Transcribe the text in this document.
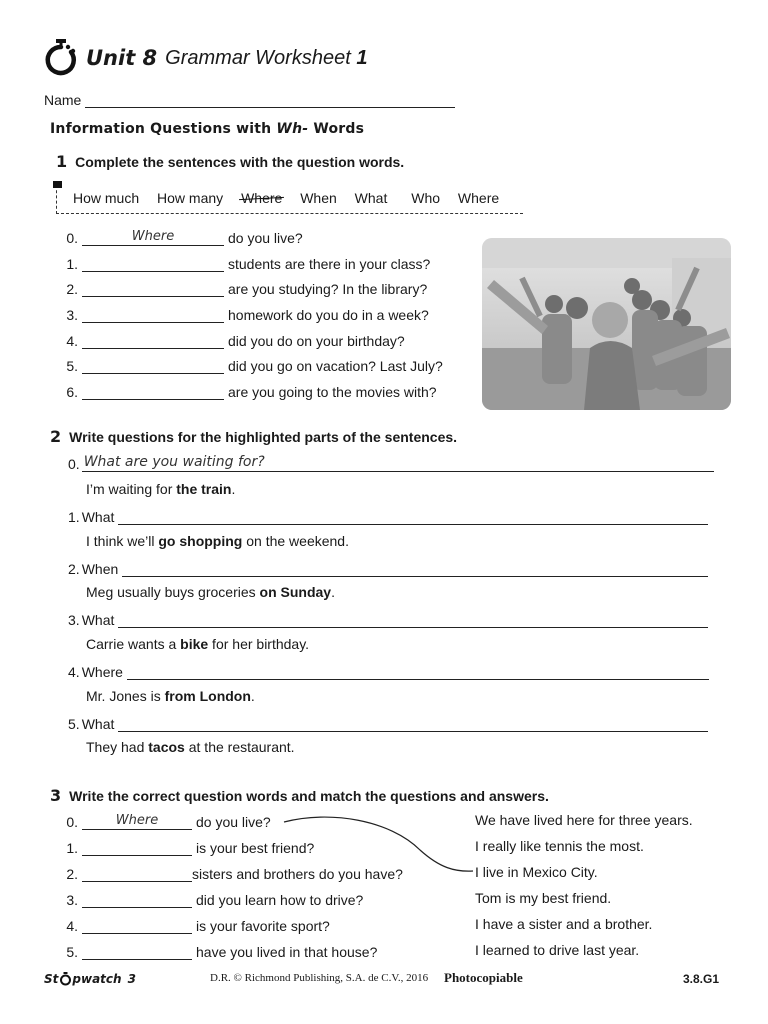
Unit 8 Grammar Worksheet 1
Name
Information Questions with Wh- Words
1 Complete the sentences with the question words.
How much How many Where When What Who Where
0.	Where	do you live?
1.	students are there in your class?
2.	are you studying? In the library?
3.	homework do you do in a week?
4.	did you do on your birthday?
5.	did you go on vacation? Last July?
6.	are you going to the movies with?
2 Write questions for the highlighted parts of the sentences.
0. What are you waiting for?
I’m waiting for the train.
1. What
I think we’ll go shopping on the weekend.
2. When
Meg usually buys groceries on Sunday.
3. What
Carrie wants a bike for her birthday.
4. Where
Mr. Jones is from London.
5. What
They had tacos at the restaurant.
3 Write the correct question words and match the questions and answers.
0.	Where	do you live?
1.	is your best friend?
2.	sisters and brothers do you have?
3.	did you learn how to drive?
4.	is your favorite sport?
5.	have you lived in that house?
We have lived here for three years.
I really like tennis the most.
I live in Mexico City.
Tom is my best friend.
I have a sister and a brother.
I learned to drive last year.
St pwatch 3	D.R. © Richmond Publishing, S.A. de C.V., 2016 Photocopiable	3.8.G1
